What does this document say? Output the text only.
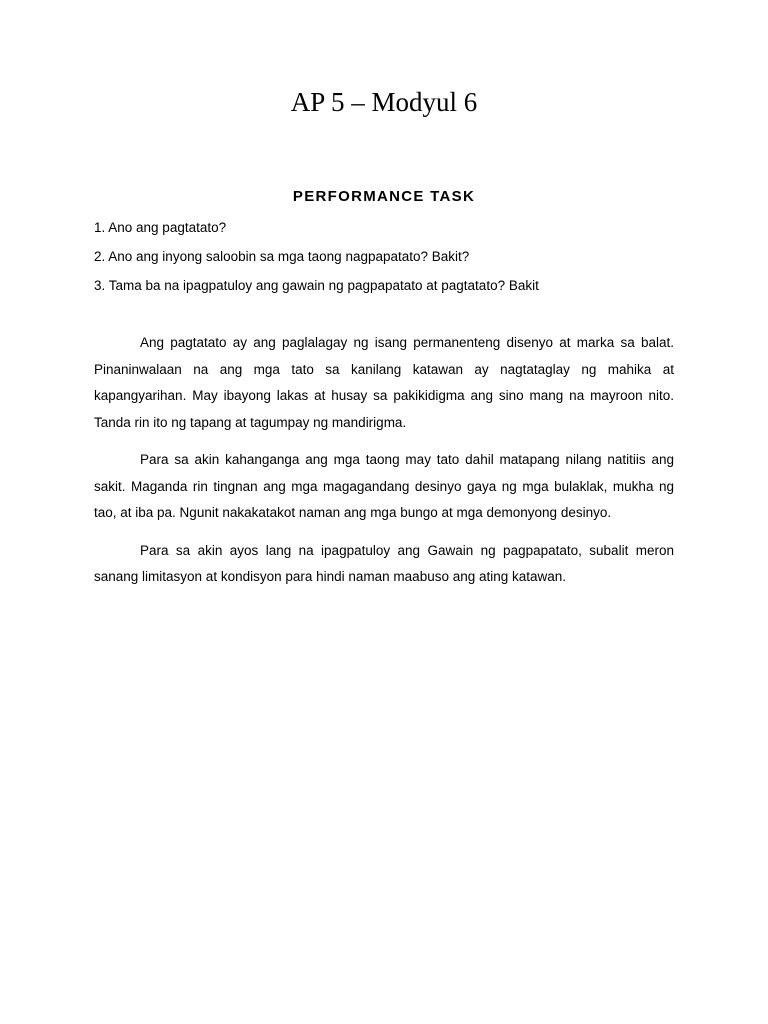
AP 5 – Modyul 6
PERFORMANCE TASK
1. Ano ang pagtatato?
2. Ano ang inyong saloobin sa mga taong nagpapatato? Bakit?
3. Tama ba na ipagpatuloy ang gawain ng pagpapatato at pagtatato? Bakit

Ang pagtatato ay ang paglalagay ng isang permanenteng disenyo at marka sa balat. Pinaninwalaan na ang mga tato sa kanilang katawan ay nagtataglay ng mahika at kapangyarihan. May ibayong lakas at husay sa pakikidigma ang sino mang na mayroon nito. Tanda rin ito ng tapang at tagumpay ng mandirigma.

Para sa akin kahanganga ang mga taong may tato dahil matapang nilang natitiis ang sakit. Maganda rin tingnan ang mga magagandang desinyo gaya ng mga bulaklak, mukha ng tao, at iba pa. Ngunit nakakatakot naman ang mga bungo at mga demonyong desinyo.

Para sa akin ayos lang na ipagpatuloy ang Gawain ng pagpapatato, subalit meron sanang limitasyon at kondisyon para hindi naman maabuso ang ating katawan.
